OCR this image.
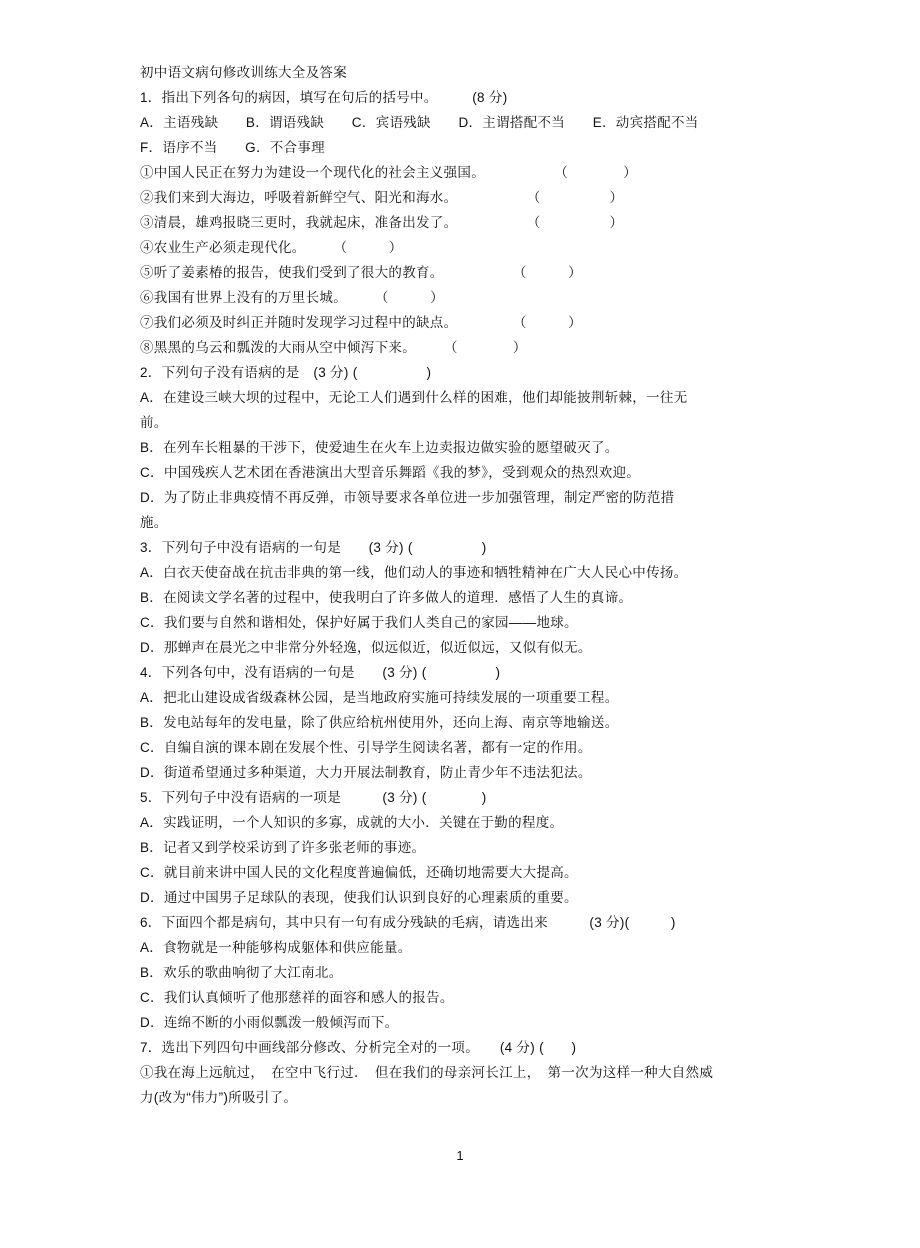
初中语文病句修改训练大全及答案

1．指出下列各句的病因，填写在句后的括号中。　　　(8 分)

A．主语残缺　　B．谓语残缺　　C．宾语残缺　　D．主谓搭配不当　　E．动宾搭配不当

F．语序不当　　G．不合事理

①中国人民正在努力为建设一个现代化的社会主义强国。　　　　　　（　　　　）

②我们来到大海边，呼吸着新鲜空气、阳光和海水。　　　　　　（　　　　　）

③清晨，雄鸡报晓三更时，我就起床，准备出发了。　　　　　　（　　　　　）

④农业生产必须走现代化。　　　（　　　）

⑤听了姜素椿的报告，使我们受到了很大的教育。　　　　　　（　　　）

⑥我国有世界上没有的万里长城。　　　（　　　）

⑦我们必须及时纠正并随时发现学习过程中的缺点。　　　　　（　　　）

⑧黑黑的乌云和瓢泼的大雨从空中倾泻下来。　　　（　　　　）

2．下列句子没有语病的是　(3 分) (　　　　　)

A．在建设三峡大坝的过程中，无论工人们遇到什么样的困难，他们却能披荆斩棘，一往无

前。

B．在列车长粗暴的干涉下，使爱迪生在火车上边卖报边做实验的愿望破灭了。

C．中国残疾人艺术团在香港演出大型音乐舞蹈《我的梦》，受到观众的热烈欢迎。

D．为了防止非典疫情不再反弹，市领导要求各单位进一步加强管理，制定严密的防范措

施。

3．下列句子中没有语病的一句是　　(3 分) (　　　　　)

A．白衣天使奋战在抗击非典的第一线，他们动人的事迹和牺牲精神在广大人民心中传扬。

B．在阅读文学名著的过程中，使我明白了许多做人的道理．感悟了人生的真谛。

C．我们要与自然和谐相处，保护好属于我们人类自己的家园——地球。

D．那蝉声在晨光之中非常分外轻逸，似远似近，似近似远，又似有似无。

4．下列各句中，没有语病的一句是　　(3 分) (　　　　　)

A．把北山建设成省级森林公园，是当地政府实施可持续发展的一项重要工程。

B．发电站每年的发电量，除了供应给杭州使用外，还向上海、南京等地输送。

C．自编自演的课本剧在发展个性、引导学生阅读名著，都有一定的作用。

D．街道希望通过多种渠道，大力开展法制教育，防止青少年不违法犯法。

5．下列句子中没有语病的一项是　　　(3 分) (　　　　)

A．实践证明，一个人知识的多寡，成就的大小．关键在于勤的程度。

B．记者又到学校采访到了许多张老师的事迹。

C．就目前来讲中国人民的文化程度普遍偏低，还确切地需要大大提高。

D．通过中国男子足球队的表现，使我们认识到良好的心理素质的重要。

6．下面四个都是病句，其中只有一句有成分残缺的毛病，请选出来　　　(3 分)(　　　)

A．食物就是一种能够构成躯体和供应能量。

B．欢乐的歌曲响彻了大江南北。

C．我们认真倾听了他那慈祥的面容和感人的报告。

D．连绵不断的小雨似瓢泼一般倾泻而下。

7．选出下列四句中画线部分修改、分析完全对的一项。　　(4 分) (　　)

①我在海上远航过，　在空中飞行过．　但在我们的母亲河长江上，　第一次为这样一种大自然威

力(改为“伟力”)所吸引了。

1
